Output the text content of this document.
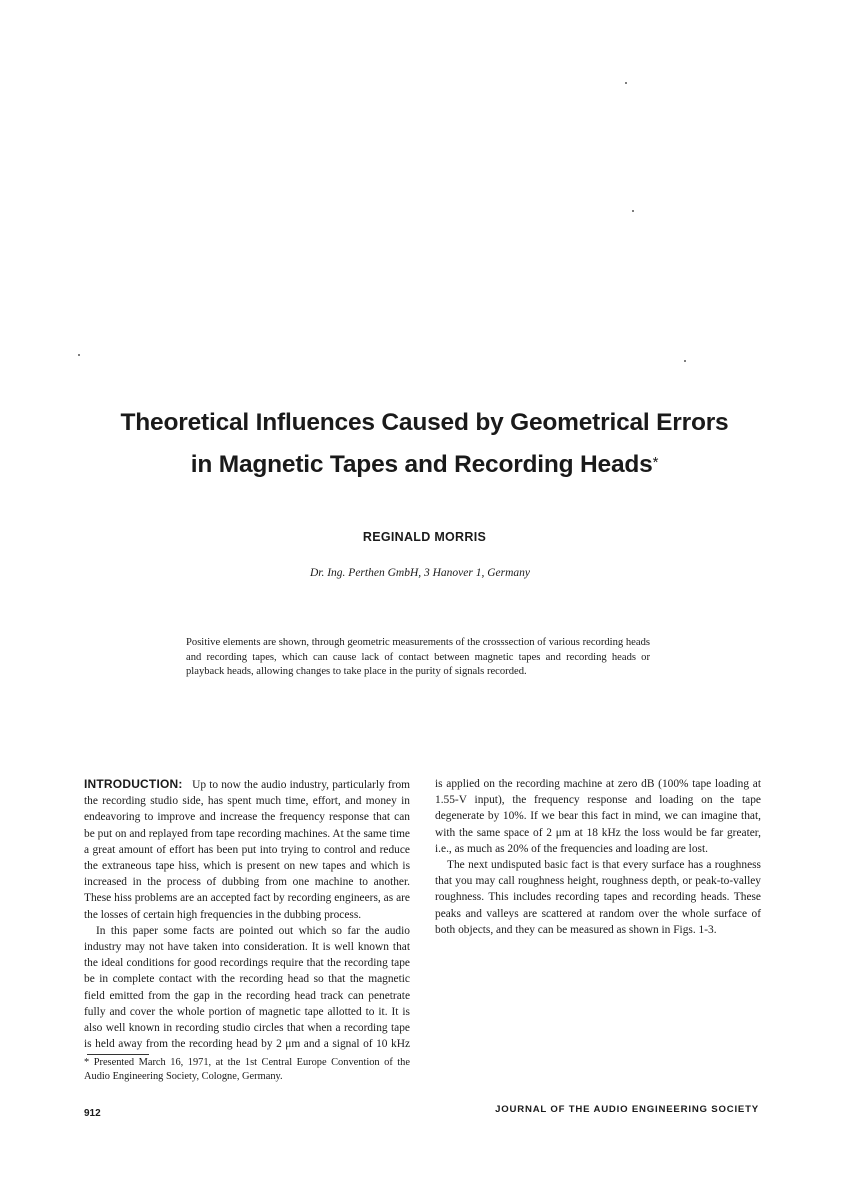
Theoretical Influences Caused by Geometrical Errors
in Magnetic Tapes and Recording Heads*
REGINALD MORRIS
Dr. Ing. Perthen GmbH, 3 Hanover 1, Germany
Positive elements are shown, through geometric measurements of the crosssection of various recording heads and recording tapes, which can cause lack of contact between magnetic tapes and recording heads or playback heads, allowing changes to take place in the purity of signals recorded.

INTRODUCTION: Up to now the audio industry, particularly from the recording studio side, has spent much time, effort, and money in endeavoring to improve and increase the frequency response that can be put on and replayed from tape recording machines. At the same time a great amount of effort has been put into trying to control and reduce the extraneous tape hiss, which is present on new tapes and which is increased in the process of dubbing from one machine to another. These hiss problems are an accepted fact by recording engineers, as are the losses of certain high frequencies in the dubbing process.

In this paper some facts are pointed out which so far the audio industry may not have taken into consideration. It is well known that the ideal conditions for good recordings require that the recording tape be in complete contact with the recording head so that the magnetic field emitted from the gap in the recording head track can penetrate fully and cover the whole portion of magnetic tape allotted to it. It is also well known in recording studio circles that when a recording tape is held away from the recording head by 2 μm and a signal of 10 kHz

* Presented March 16, 1971, at the 1st Central Europe Convention of the Audio Engineering Society, Cologne, Germany.

is applied on the recording machine at zero dB (100% tape loading at 1.55-V input), the frequency response and loading on the tape degenerate by 10%. If we bear this fact in mind, we can imagine that, with the same space of 2 μm at 18 kHz the loss would be far greater, i.e., as much as 20% of the frequencies and loading are lost.

The next undisputed basic fact is that every surface has a roughness that you may call roughness height, roughness depth, or peak-to-valley roughness. This includes recording tapes and recording heads. These peaks and valleys are scattered at random over the whole surface of both objects, and they can be measured as shown in Figs. 1-3.

912	JOURNAL OF THE AUDIO ENGINEERING SOCIETY
